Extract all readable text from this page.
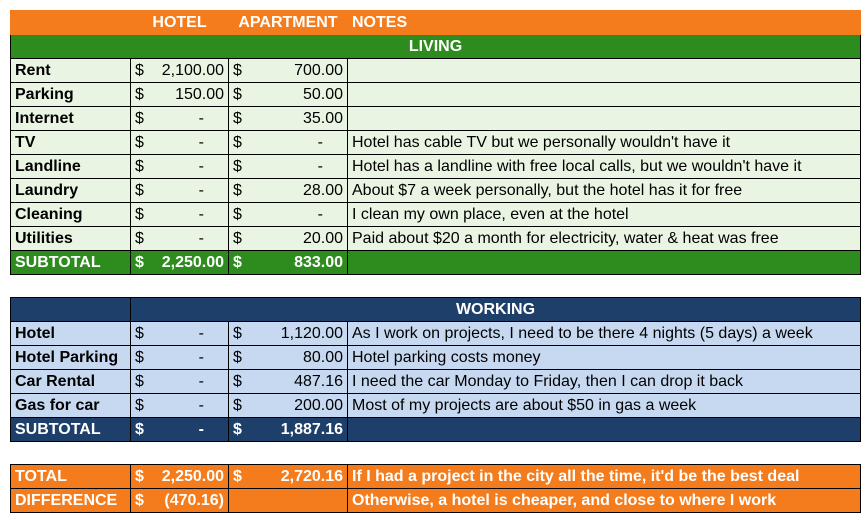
	HOTEL	APARTMENT	NOTES
LIVING			
Rent	$ 2,100.00	$ 700.00	

Parking	$ 150.00	$ 50.00	

Internet	$ -	$ 35.00	

TV	$ -	$ -	Hotel has cable TV but we personally wouldn't have it
Landline	$ -	$ -	Hotel has a landline with free local calls, but we wouldn't have it
Laundry	$ -	$ 28.00	About $7 a week personally, but the hotel has it for free
Cleaning	$ -	$ -	I clean my own place, even at the hotel
Utilities	$ -	$ 20.00	Paid about $20 a month for electricity, water & heat was free
SUBTOTAL	$ 2,250.00	$ 833.00	

	WORKING		
Hotel	$ -	$ 1,120.00	As I work on projects, I need to be there 4 nights (5 days) a week
Hotel Parking	$ -	$ 80.00	Hotel parking costs money
Car Rental	$ -	$ 487.16	I need the car Monday to Friday, then I can drop it back
Gas for car	$ -	$ 200.00	Most of my projects are about $50 in gas a week
SUBTOTAL	$ -	$ 1,887.16	

TOTAL	$ 2,250.00	$ 2,720.16	If I had a project in the city all the time, it'd be the best deal
DIFFERENCE	$ (470.16)		Otherwise, a hotel is cheaper, and close to where I work
